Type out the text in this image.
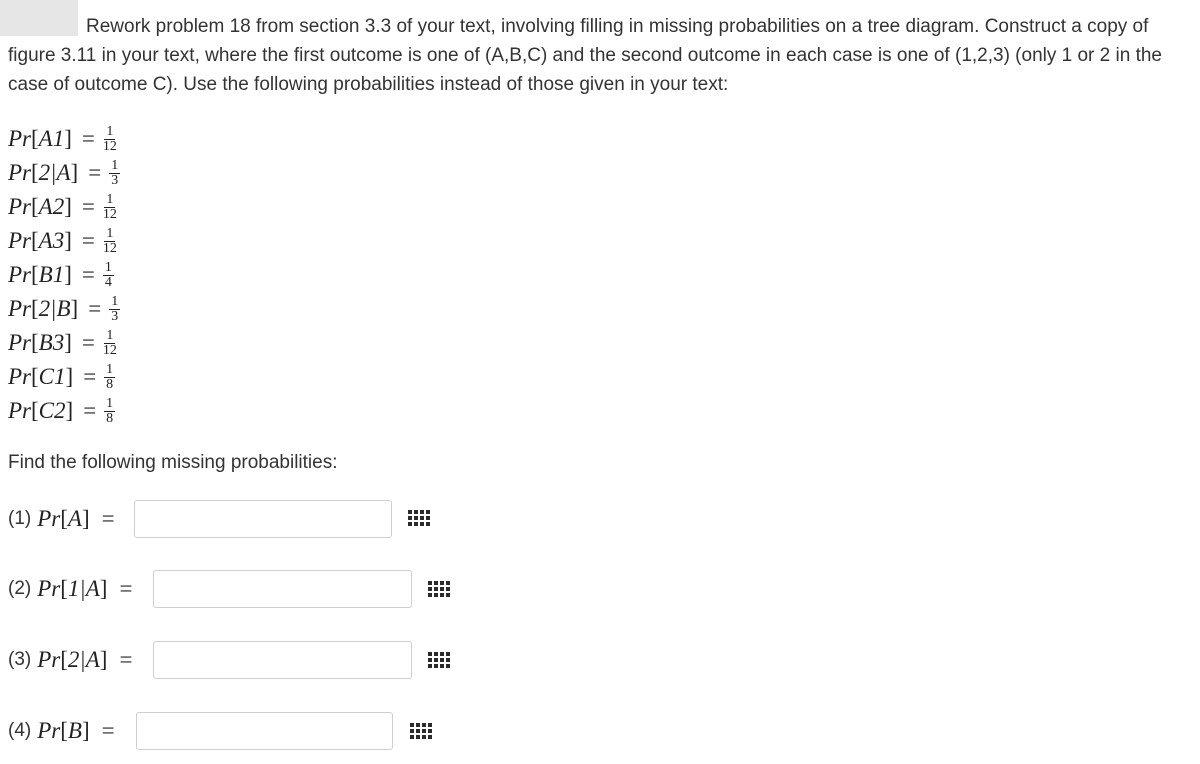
Rework problem 18 from section 3.3 of your text, involving filling in missing probabilities on a tree diagram. Construct a copy of figure 3.11 in your text, where the first outcome is one of (A,B,C) and the second outcome in each case is one of (1,2,3) (only 1 or 2 in the case of outcome C). Use the following probabilities instead of those given in your text:
Pr [ A1 ] = $\frac{1}{12}$
Pr [ 2|A ] = $\frac{1}{3}$
Pr [ A2 ] = $\frac{1}{12}$
Pr [ A3 ] = $\frac{1}{12}$
Pr [ B1 ] = $\frac{1}{4}$
Pr [ 2|B ] = $\frac{1}{3}$
Pr [ B3 ] = $\frac{1}{12}$
Pr [ C1 ] = $\frac{1}{8}$
Pr [ C2 ] = $\frac{1}{8}$
Find the following missing probabilities:
(1) Pr[A] =
(2) Pr[1|A] =
(3) Pr[2|A] =
(4) Pr[B] =
